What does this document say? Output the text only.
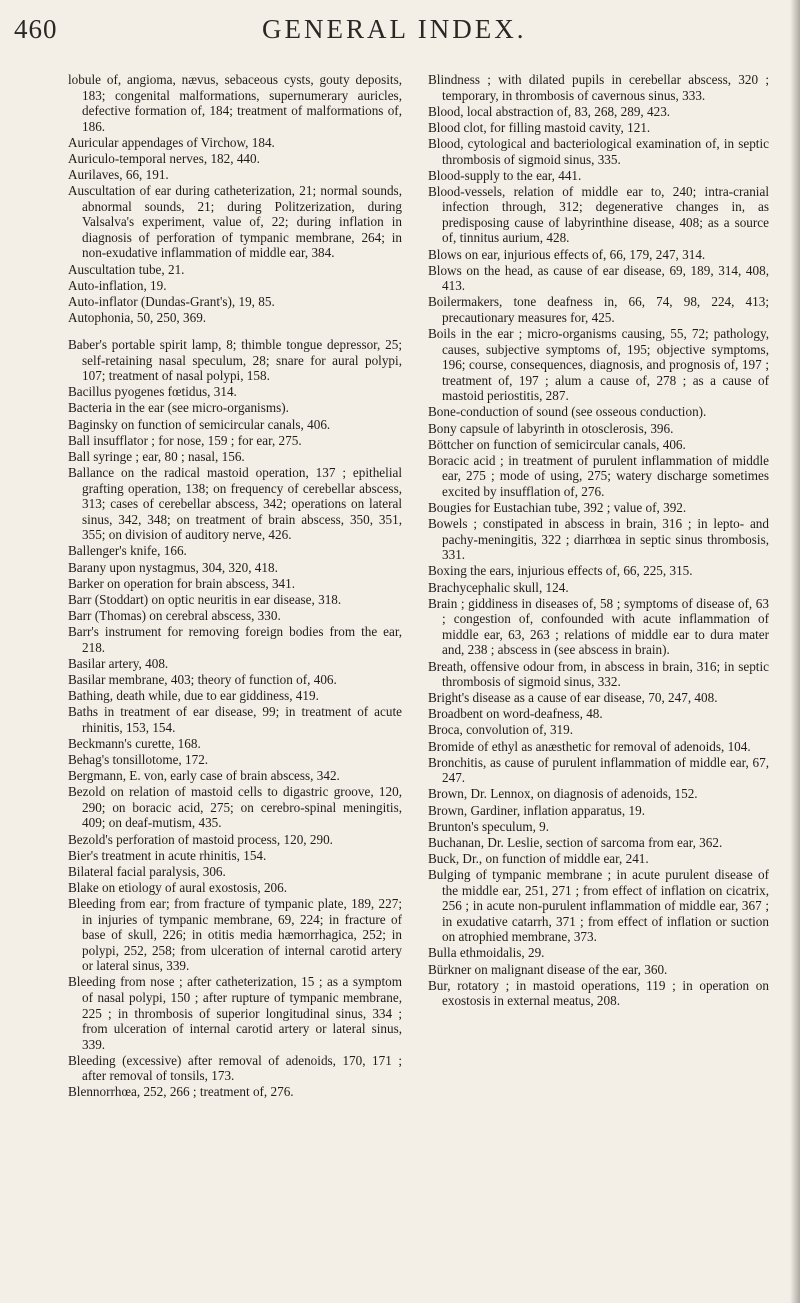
460	GENERAL INDEX.
lobule of, angioma, nævus, sebaceous cysts, gouty deposits, 183; congenital malformations, supernumerary auricles, defective formation of, 184; treatment of malformations of, 186.
Auricular appendages of Virchow, 184.
Auriculo-temporal nerves, 182, 440.
Aurilaves, 66, 191.
Auscultation of ear during catheterization, 21; normal sounds, abnormal sounds, 21; during Politzerization, during Valsalva's experiment, value of, 22; during inflation in diagnosis of perforation of tympanic membrane, 264; in non-exudative inflammation of middle ear, 384.
Auscultation tube, 21.
Auto-inflation, 19.
Auto-inflator (Dundas-Grant's), 19, 85.
Autophonia, 50, 250, 369.
Baber's portable spirit lamp, 8; thimble tongue depressor, 25; self-retaining nasal speculum, 28; snare for aural polypi, 107; treatment of nasal polypi, 158.
Bacillus pyogenes fœtidus, 314.
Bacteria in the ear (see micro-organisms).
Baginsky on function of semicircular canals, 406.
Ball insufflator ; for nose, 159 ; for ear, 275.
Ball syringe ; ear, 80 ; nasal, 156.
Ballance on the radical mastoid operation, 137 ; epithelial grafting operation, 138; on frequency of cerebellar abscess, 313; cases of cerebellar abscess, 342; operations on lateral sinus, 342, 348; on treatment of brain abscess, 350, 351, 355; on division of auditory nerve, 426.
Ballenger's knife, 166.
Barany upon nystagmus, 304, 320, 418.
Barker on operation for brain abscess, 341.
Barr (Stoddart) on optic neuritis in ear disease, 318.
Barr (Thomas) on cerebral abscess, 330.
Barr's instrument for removing foreign bodies from the ear, 218.
Basilar artery, 408.
Basilar membrane, 403; theory of function of, 406.
Bathing, death while, due to ear giddiness, 419.
Baths in treatment of ear disease, 99; in treatment of acute rhinitis, 153, 154.
Beckmann's curette, 168.
Behag's tonsillotome, 172.
Bergmann, E. von, early case of brain abscess, 342.
Bezold on relation of mastoid cells to digastric groove, 120, 290; on boracic acid, 275; on cerebro-spinal meningitis, 409; on deaf-mutism, 435.
Bezold's perforation of mastoid process, 120, 290.
Bier's treatment in acute rhinitis, 154.
Bilateral facial paralysis, 306.
Blake on etiology of aural exostosis, 206.
Bleeding from ear; from fracture of tympanic plate, 189, 227; in injuries of tympanic membrane, 69, 224; in fracture of base of skull, 226; in otitis media hæmorrhagica, 252; in polypi, 252, 258; from ulceration of internal carotid artery or lateral sinus, 339.
Bleeding from nose ; after catheterization, 15 ; as a symptom of nasal polypi, 150 ; after rupture of tympanic membrane, 225 ; in thrombosis of superior longitudinal sinus, 334 ; from ulceration of internal carotid artery or lateral sinus, 339.
Bleeding (excessive) after removal of adenoids, 170, 171 ; after removal of tonsils, 173.
Blennorrhœa, 252, 266 ; treatment of, 276.
Blindness ; with dilated pupils in cerebellar abscess, 320 ; temporary, in thrombosis of cavernous sinus, 333.
Blood, local abstraction of, 83, 268, 289, 423.
Blood clot, for filling mastoid cavity, 121.
Blood, cytological and bacteriological examination of, in septic thrombosis of sigmoid sinus, 335.
Blood-supply to the ear, 441.
Blood-vessels, relation of middle ear to, 240; intra-cranial infection through, 312; degenerative changes in, as predisposing cause of labyrinthine disease, 408; as a source of, tinnitus aurium, 428.
Blows on ear, injurious effects of, 66, 179, 247, 314.
Blows on the head, as cause of ear disease, 69, 189, 314, 408, 413.
Boilermakers, tone deafness in, 66, 74, 98, 224, 413; precautionary measures for, 425.
Boils in the ear ; micro-organisms causing, 55, 72; pathology, causes, subjective symptoms of, 195; objective symptoms, 196; course, consequences, diagnosis, and prognosis of, 197 ; treatment of, 197 ; alum a cause of, 278 ; as a cause of mastoid periostitis, 287.
Bone-conduction of sound (see osseous conduction).
Bony capsule of labyrinth in otosclerosis, 396.
Böttcher on function of semicircular canals, 406.
Boracic acid ; in treatment of purulent inflammation of middle ear, 275 ; mode of using, 275; watery discharge sometimes excited by insufflation of, 276.
Bougies for Eustachian tube, 392 ; value of, 392.
Bowels ; constipated in abscess in brain, 316 ; in lepto- and pachy-meningitis, 322 ; diarrhœa in septic sinus thrombosis, 331.
Boxing the ears, injurious effects of, 66, 225, 315.
Brachycephalic skull, 124.
Brain ; giddiness in diseases of, 58 ; symptoms of disease of, 63 ; congestion of, confounded with acute inflammation of middle ear, 63, 263 ; relations of middle ear to dura mater and, 238 ; abscess in (see abscess in brain).
Breath, offensive odour from, in abscess in brain, 316; in septic thrombosis of sigmoid sinus, 332.
Bright's disease as a cause of ear disease, 70, 247, 408.
Broadbent on word-deafness, 48.
Broca, convolution of, 319.
Bromide of ethyl as anæsthetic for removal of adenoids, 104.
Bronchitis, as cause of purulent inflammation of middle ear, 67, 247.
Brown, Dr. Lennox, on diagnosis of adenoids, 152.
Brown, Gardiner, inflation apparatus, 19.
Brunton's speculum, 9.
Buchanan, Dr. Leslie, section of sarcoma from ear, 362.
Buck, Dr., on function of middle ear, 241.
Bulging of tympanic membrane ; in acute purulent disease of the middle ear, 251, 271 ; from effect of inflation on cicatrix, 256 ; in acute non-purulent inflammation of middle ear, 367 ; in exudative catarrh, 371 ; from effect of inflation or suction on atrophied membrane, 373.
Bulla ethmoidalis, 29.
Bürkner on malignant disease of the ear, 360.
Bur, rotatory ; in mastoid operations, 119 ; in operation on exostosis in external meatus, 208.
